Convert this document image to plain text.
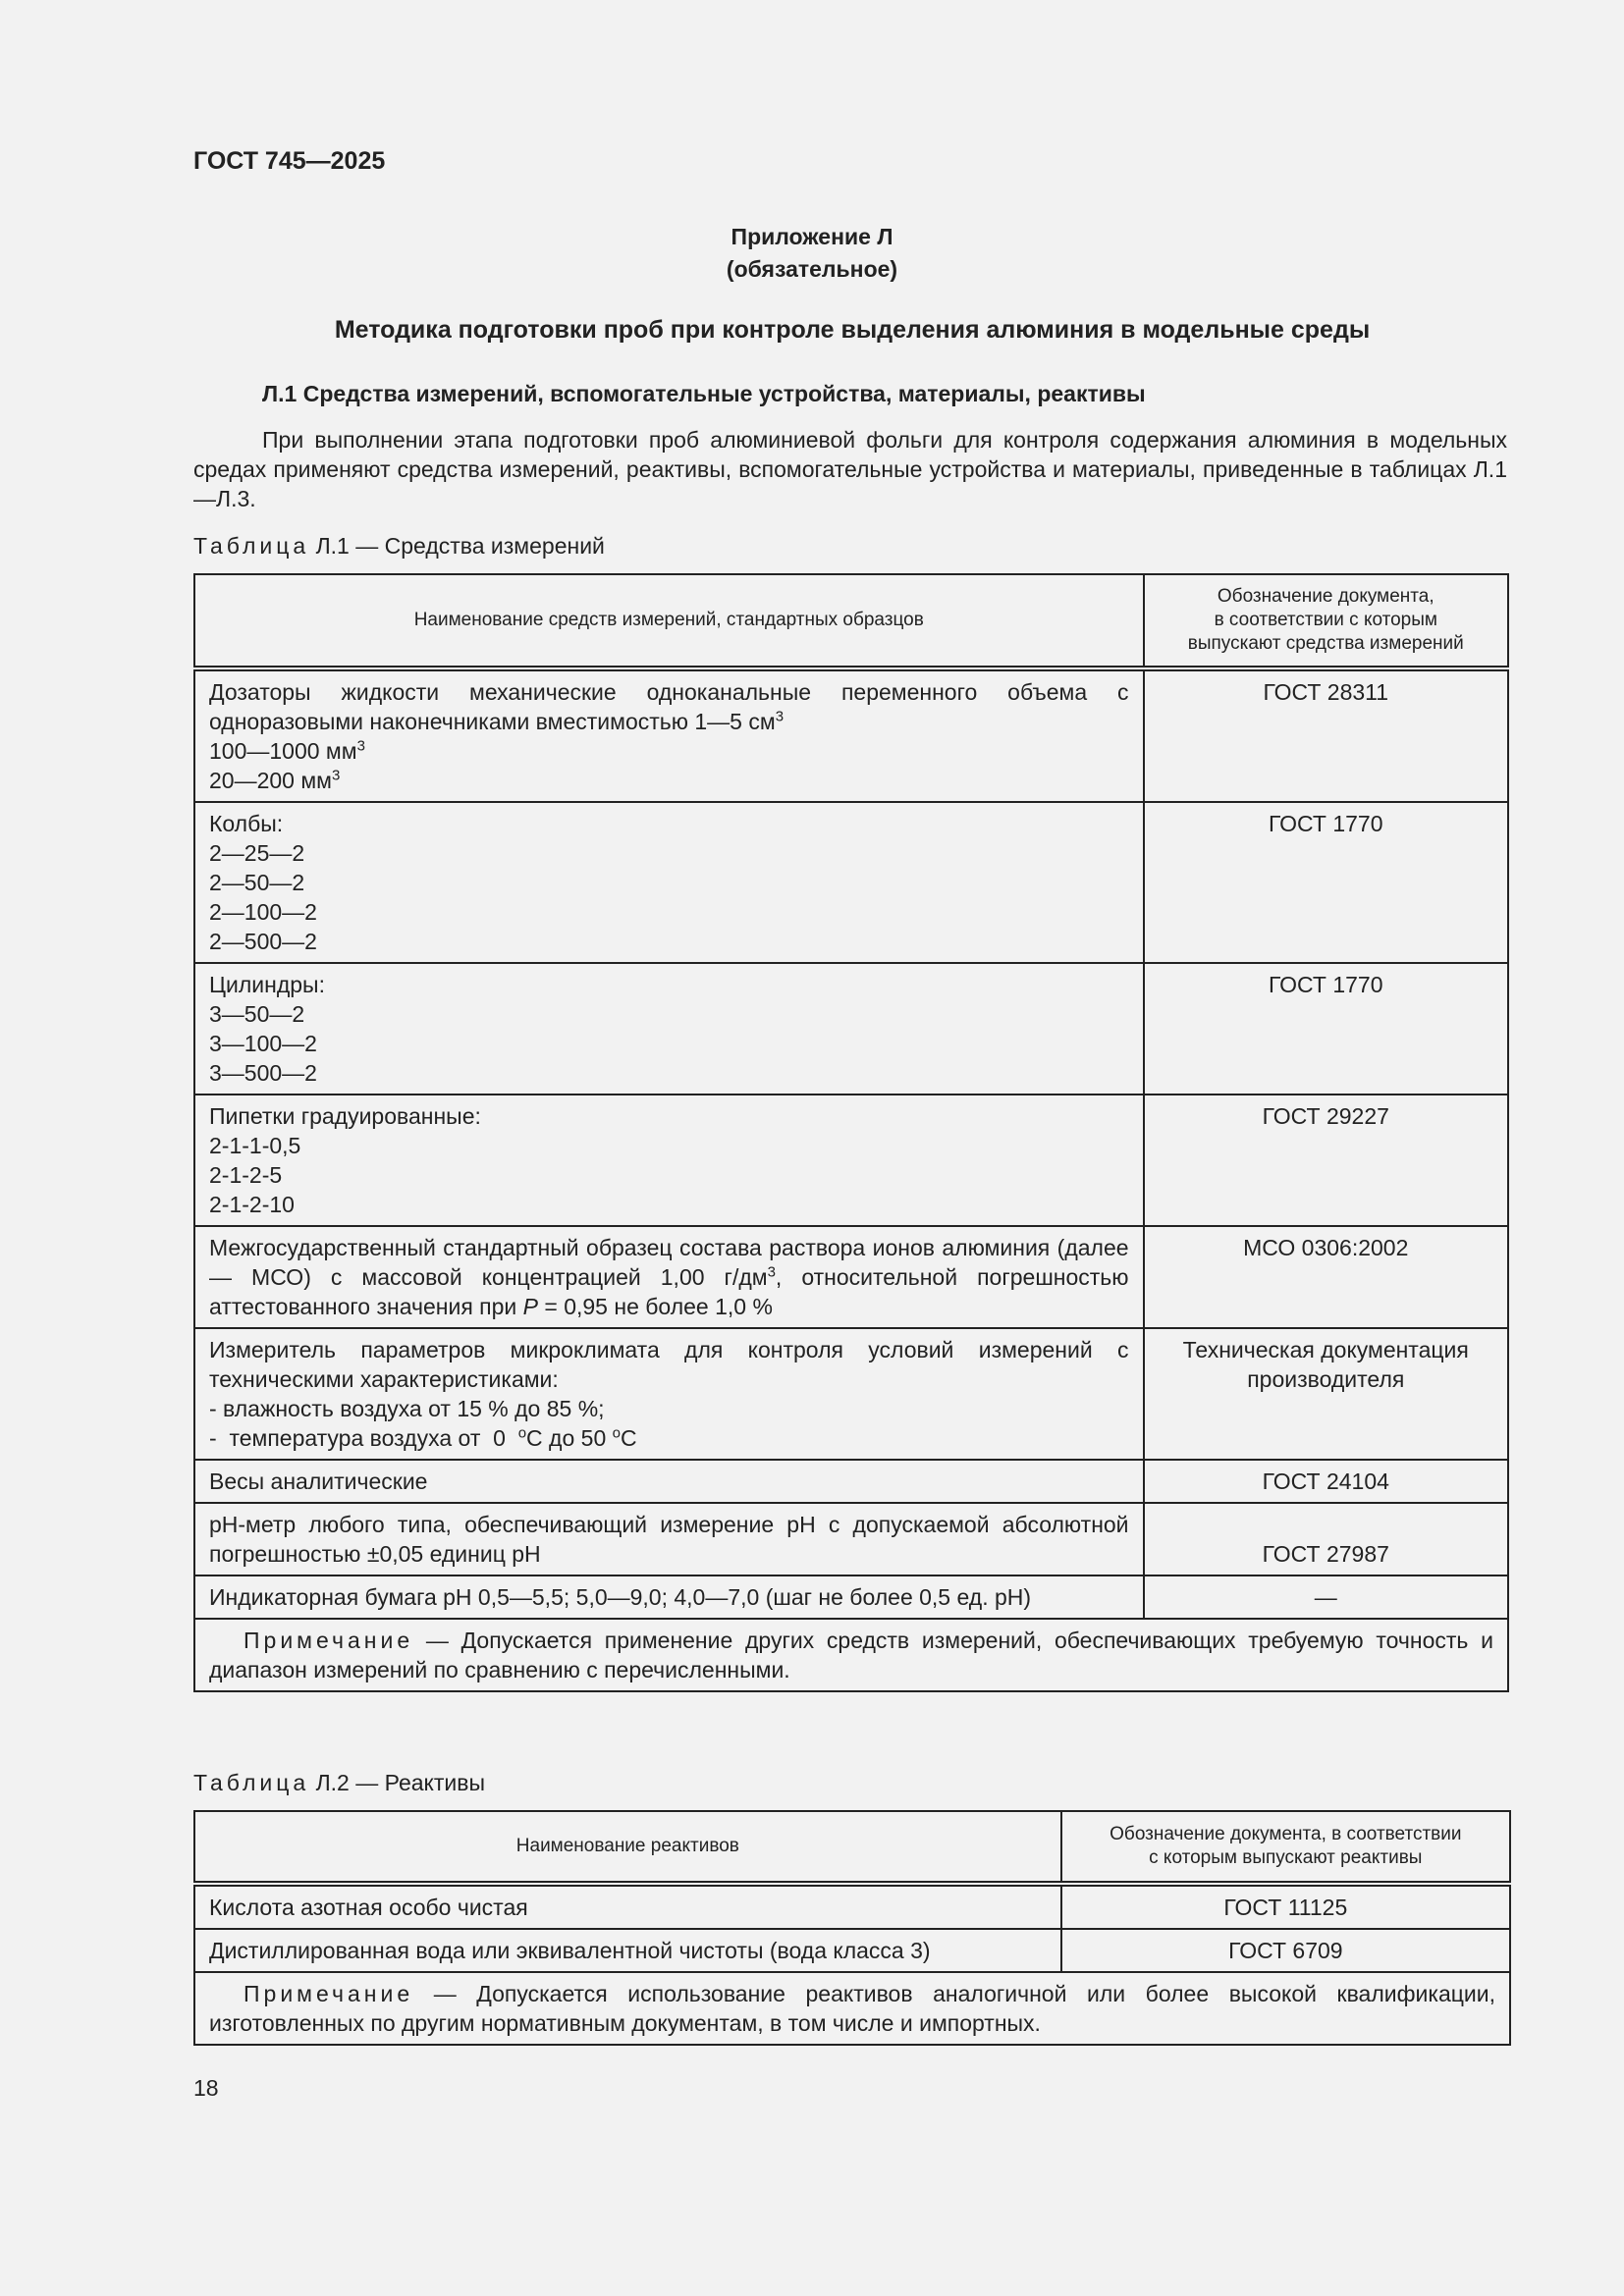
ГОСТ 745—2025
Приложение Л
(обязательное)
Методика подготовки проб при контроле выделения алюминия в модельные среды
Л.1 Средства измерений, вспомогательные устройства, материалы, реактивы
При выполнении этапа подготовки проб алюминиевой фольги для контроля содержания алюминия в модельных средах применяют средства измерений, реактивы, вспомогательные устройства и материалы, приведенные в таблицах Л.1—Л.3.
Таблица Л.1 — Средства измерений
Наименование средств измерений, стандартных образцов	Обозначение документа,
в соответствии с которым
выпускают средства измерений

Дозаторы жидкости механические одноканальные переменного объема с одноразовыми наконечниками вместимостью 1—5 $см^3$
100—1000 $мм^3$
20—200 $мм^3$	ГОСТ 28311

Колбы:
2—25—2
2—50—2
2—100—2
2—500—2	ГОСТ 1770

Цилиндры:
3—50—2
3—100—2
3—500—2	ГОСТ 1770

Пипетки градуированные:
2-1-1-0,5
2-1-2-5
2-1-2-10	ГОСТ 29227
Межгосударственный стандартный образец состава раствора ионов алюминия (далее — МСО) с массовой концентрацией 1,00 $г/дм^3$, относительной погрешностью аттестованного значения при P = 0,95 не более 1,0 %	МСО 0306:2002
Измеритель параметров микроклимата для контроля условий измерений с техническими характеристиками:
- влажность воздуха от 15 % до 85 %;
-  температура воздуха от  0  $^o$C до 50 $^o$C	Техническая документация
производителя

Весы аналитические	ГОСТ 24104
pH-метр любого типа, обеспечивающий измерение pH с допускаемой абсолютной погрешностью ±0,05 единиц pH	ГОСТ 27987
Индикаторная бумага pH 0,5—5,5; 5,0—9,0; 4,0—7,0 (шаг не более 0,5 ед. pH)	—
Примечание — Допускается применение других средств измерений, обеспечивающих требуемую точность и диапазон измерений по сравнению с перечисленными.	
Таблица Л.2 — Реактивы
Наименование реактивов	Обозначение документа, в соответствии
с которым выпускают реактивы

Кислота азотная особо чистая	ГОСТ 11125
Дистиллированная вода или эквивалентной чистоты (вода класса 3)	ГОСТ 6709
Примечание — Допускается использование реактивов аналогичной или более высокой квалификации, изготовленных по другим нормативным документам, в том числе и импортных.	
18
